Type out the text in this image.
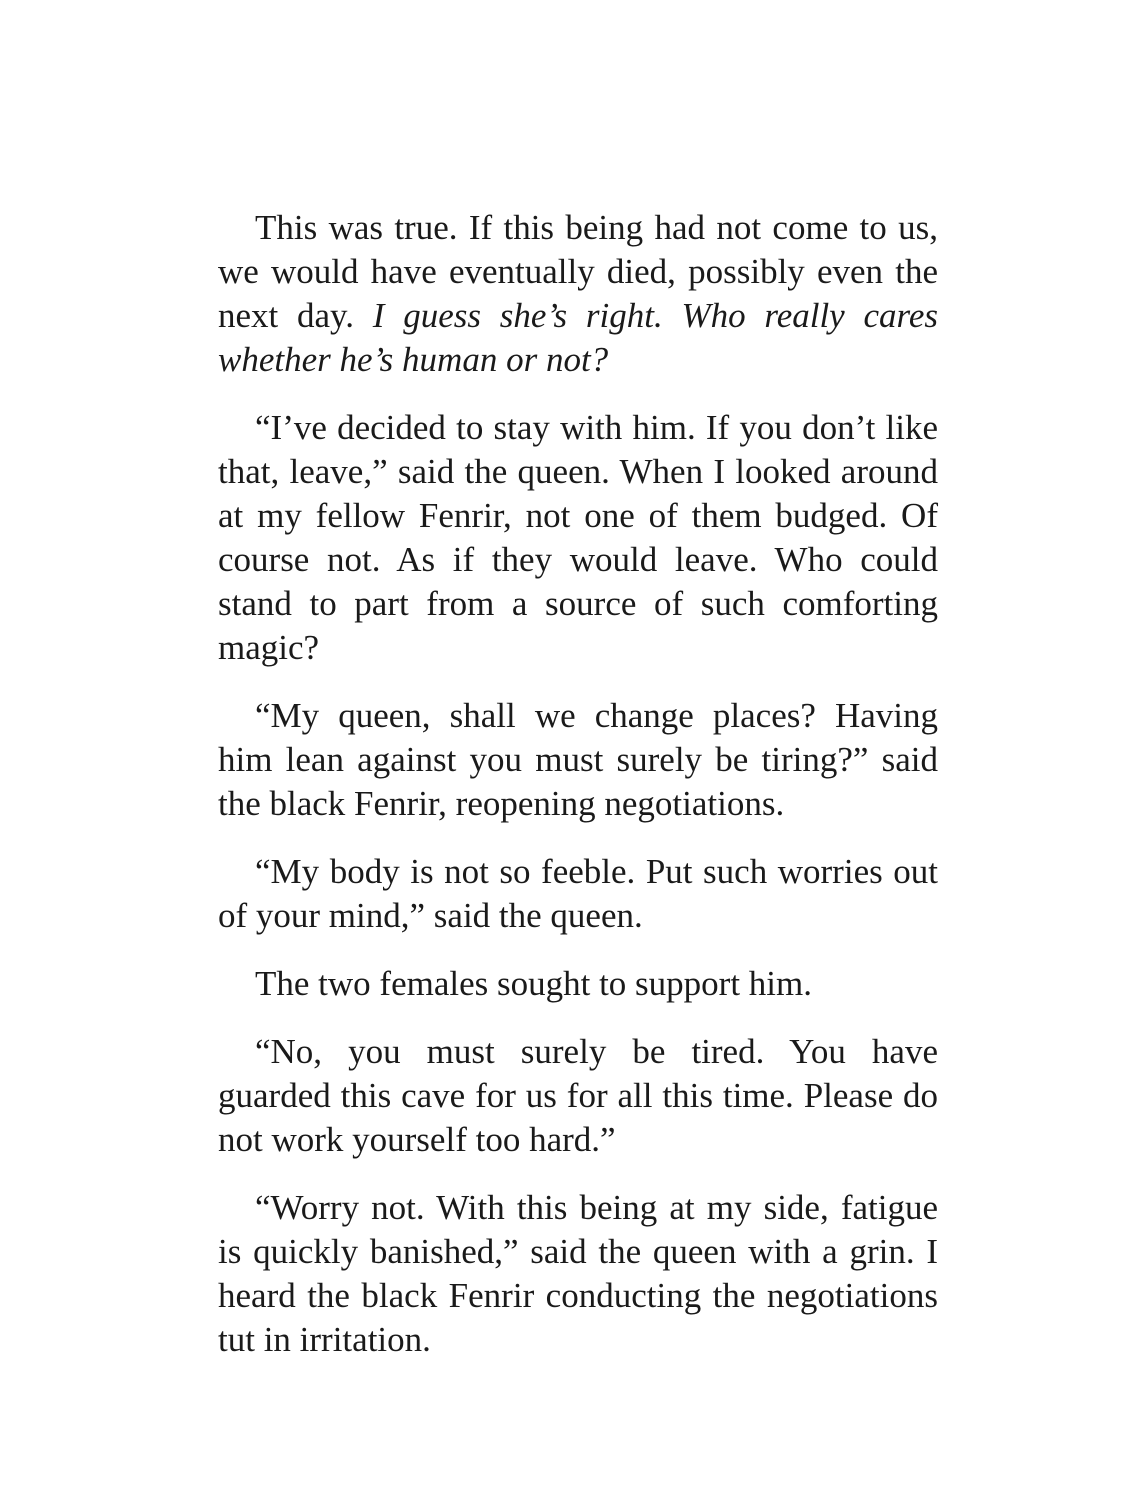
This was true. If this being had not come to us, we would have eventually died, possibly even the next day. I guess she’s right. Who really cares whether he’s human or not?

“I’ve decided to stay with him. If you don’t like that, leave,” said the queen. When I looked around at my fellow Fenrir, not one of them budged. Of course not. As if they would leave. Who could stand to part from a source of such comforting magic?

“My queen, shall we change places? Having him lean against you must surely be tiring?” said the black Fenrir, reopening negotiations.

“My body is not so feeble. Put such worries out of your mind,” said the queen.

The two females sought to support him.

“No, you must surely be tired. You have guarded this cave for us for all this time. Please do not work yourself too hard.”

“Worry not. With this being at my side, fatigue is quickly banished,” said the queen with a grin. I heard the black Fenrir conducting the negotiations tut in irritation.
